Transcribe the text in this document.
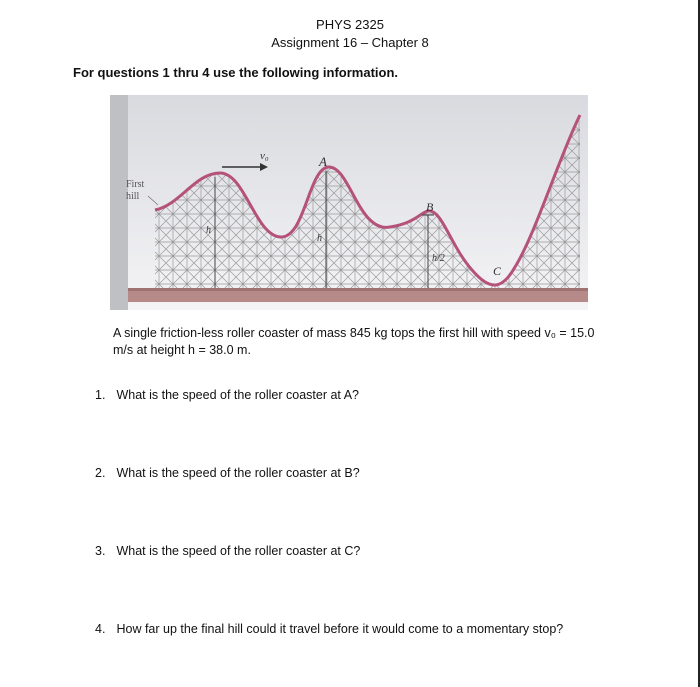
PHYS 2325
Assignment 16 – Chapter 8
For questions 1 thru 4 use the following information.
First
hill
v₀	A
B
C
h
h
h/2
A single friction-less roller coaster of mass 845 kg tops the first hill with speed v₀ = 15.0
m/s at height h = 38.0 m.
1. What is the speed of the roller coaster at A?
2. What is the speed of the roller coaster at B?
3. What is the speed of the roller coaster at C?
4. How far up the final hill could it travel before it would come to a momentary stop?
